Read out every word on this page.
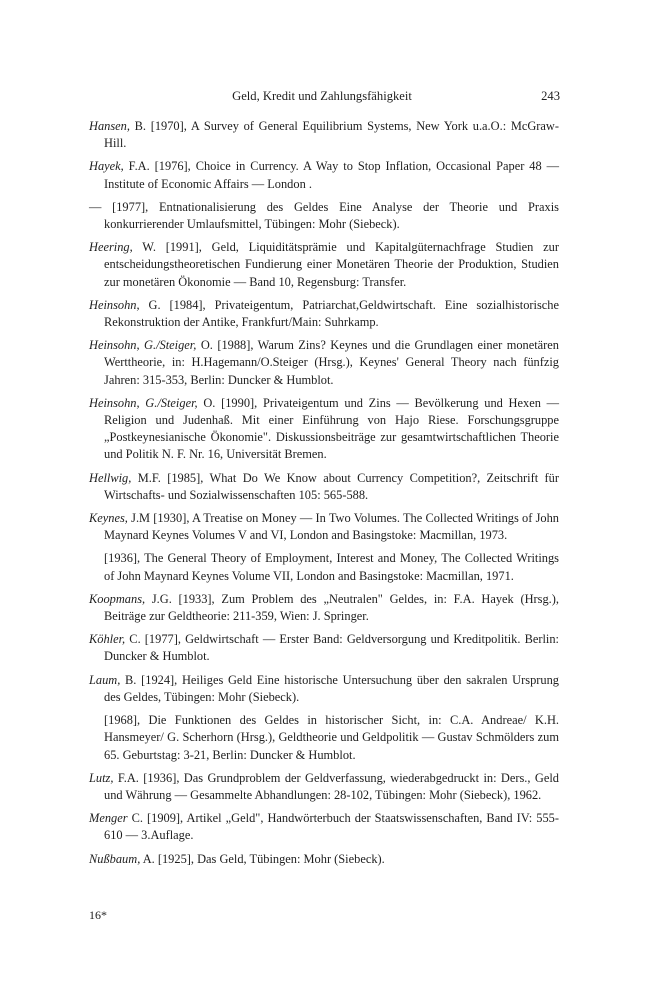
Geld, Kredit und Zahlungsfähigkeit	243

Hansen, B. [1970], A Survey of General Equilibrium Systems, New York u.a.O.: McGraw-Hill.

Hayek, F.A. [1976], Choice in Currency. A Way to Stop Inflation, Occasional Paper 48 — Institute of Economic Affairs — London .

— [1977], Entnationalisierung des Geldes Eine Analyse der Theorie und Praxis konkurrierender Umlaufsmittel, Tübingen: Mohr (Siebeck).

Heering, W. [1991], Geld, Liquiditätsprämie und Kapitalgüternachfrage Studien zur entscheidungstheoretischen Fundierung einer Monetären Theorie der Produktion, Studien zur monetären Ökonomie — Band 10, Regensburg: Transfer.

Heinsohn, G. [1984], Privateigentum, Patriarchat,Geldwirtschaft. Eine sozialhistorische Rekonstruktion der Antike, Frankfurt/Main: Suhrkamp.

Heinsohn, G./Steiger, O. [1988], Warum Zins? Keynes und die Grundlagen einer monetären Werttheorie, in: H.Hagemann/O.Steiger (Hrsg.), Keynes' General Theory nach fünfzig Jahren: 315-353, Berlin: Duncker & Humblot.

Heinsohn, G./Steiger, O. [1990], Privateigentum und Zins — Bevölkerung und Hexen — Religion und Judenhaß. Mit einer Einführung von Hajo Riese. Forschungsgruppe „Postkeynesianische Ökonomie". Diskussionsbeiträge zur gesamtwirtschaftlichen Theorie und Politik N. F. Nr. 16, Universität Bremen.

Hellwig, M.F. [1985], What Do We Know about Currency Competition?, Zeitschrift für Wirtschafts- und Sozialwissenschaften 105: 565-588.

Keynes, J.M [1930], A Treatise on Money — In Two Volumes. The Collected Writings of John Maynard Keynes Volumes V and VI, London and Basingstoke: Macmillan, 1973.

[1936], The General Theory of Employment, Interest and Money, The Collected Writings of John Maynard Keynes Volume VII, London and Basingstoke: Macmillan, 1971.

Koopmans, J.G. [1933], Zum Problem des „Neutralen" Geldes, in: F.A. Hayek (Hrsg.), Beiträge zur Geldtheorie: 211-359, Wien: J. Springer.

Köhler, C. [1977], Geldwirtschaft — Erster Band: Geldversorgung und Kreditpolitik. Berlin: Duncker & Humblot.

Laum, B. [1924], Heiliges Geld Eine historische Untersuchung über den sakralen Ursprung des Geldes, Tübingen: Mohr (Siebeck).

[1968], Die Funktionen des Geldes in historischer Sicht, in: C.A. Andreae/ K.H. Hansmeyer/ G. Scherhorn (Hrsg.), Geldtheorie und Geldpolitik — Gustav Schmölders zum 65. Geburtstag: 3-21, Berlin: Duncker & Humblot.

Lutz, F.A. [1936], Das Grundproblem der Geldverfassung, wiederabgedruckt in: Ders., Geld und Währung — Gesammelte Abhandlungen: 28-102, Tübingen: Mohr (Siebeck), 1962.

Menger C. [1909], Artikel „Geld", Handwörterbuch der Staatswissenschaften, Band IV: 555-610 — 3.Auflage.

Nußbaum, A. [1925], Das Geld, Tübingen: Mohr (Siebeck).

16*
